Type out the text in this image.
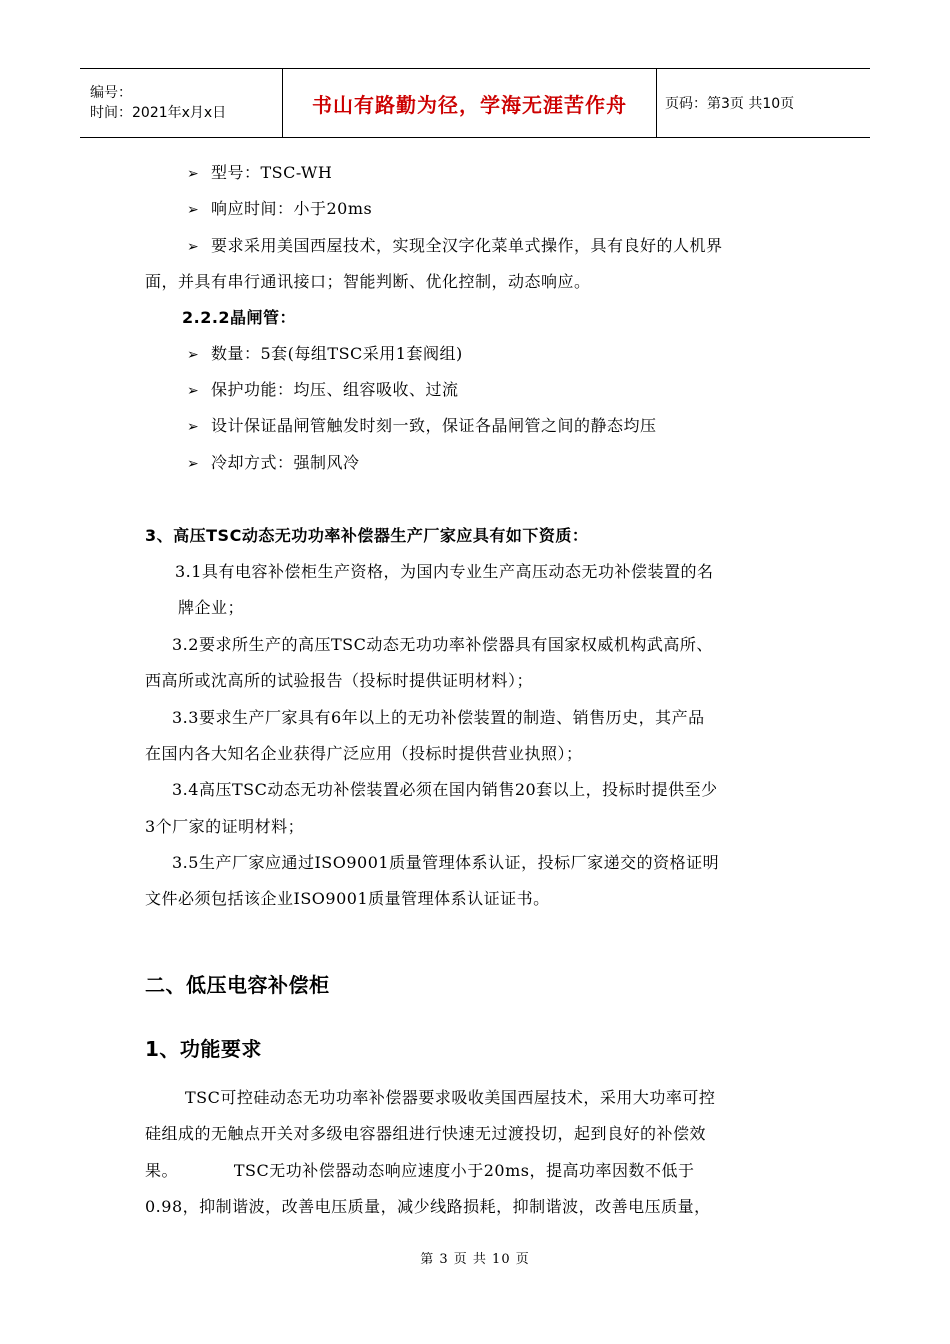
编号：
时间：2021年x月x日	书山有路勤为径，学海无涯苦作舟	页码：第3页 共10页
➢ 型号：TSC-WH
➢ 响应时间：小于20ms
➢ 要求采用美国西屋技术，实现全汉字化菜单式操作，具有良好的人机界
面，并具有串行通讯接口；智能判断、优化控制，动态响应。
2.2.2晶闸管：
➢ 数量：5套(每组TSC采用1套阀组)
➢ 保护功能：均压、组容吸收、过流
➢ 设计保证晶闸管触发时刻一致，保证各晶闸管之间的静态均压
➢ 冷却方式：强制风冷
3、高压TSC动态无功功率补偿器生产厂家应具有如下资质：
3.1具有电容补偿柜生产资格，为国内专业生产高压动态无功补偿装置的名
牌企业；
3.2要求所生产的高压TSC动态无功功率补偿器具有国家权威机构武高所、
西高所或沈高所的试验报告（投标时提供证明材料）；
3.3要求生产厂家具有6年以上的无功补偿装置的制造、销售历史，其产品
在国内各大知名企业获得广泛应用（投标时提供营业执照）；
3.4高压TSC动态无功补偿装置必须在国内销售20套以上，投标时提供至少
3个厂家的证明材料；
3.5生产厂家应通过ISO9001质量管理体系认证，投标厂家递交的资格证明
文件必须包括该企业ISO9001质量管理体系认证证书。
二、低压电容补偿柜
1、功能要求
TSC可控硅动态无功功率补偿器要求吸收美国西屋技术，采用大功率可控
硅组成的无触点开关对多级电容器组进行快速无过渡投切，起到良好的补偿效
果。          TSC无功补偿器动态响应速度小于20ms，提高功率因数不低于
0.98，抑制谐波，改善电压质量，减少线路损耗，抑制谐波，改善电压质量，
第 3 页 共 10 页
